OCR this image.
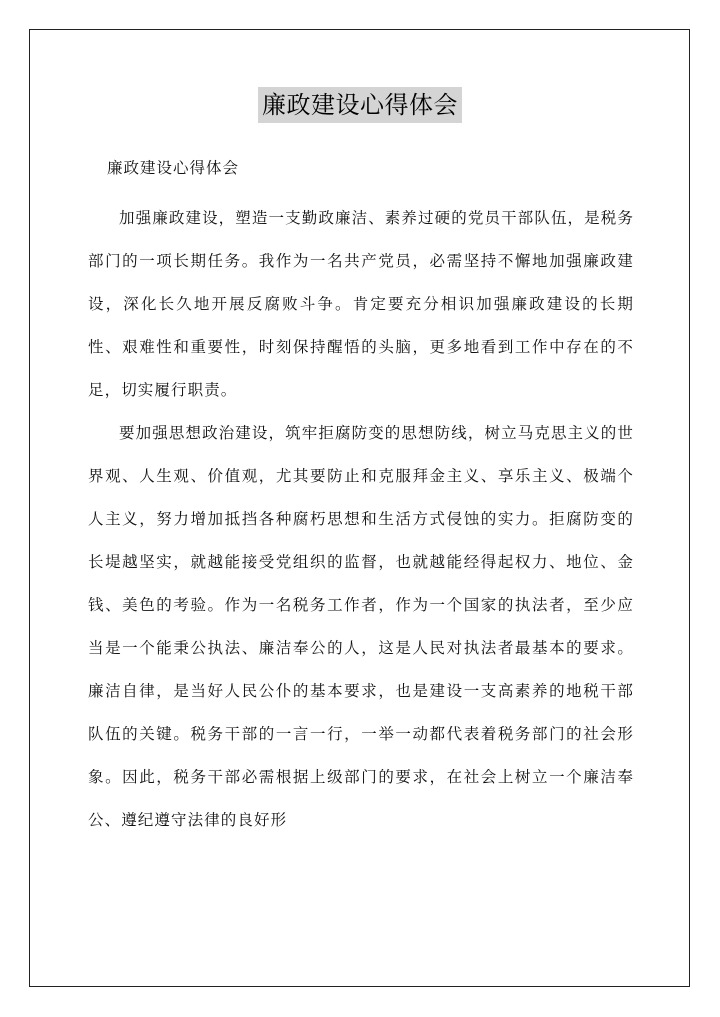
廉政建设心得体会
廉政建设心得体会

加强廉政建设，塑造一支勤政廉洁、素养过硬的党员干部队伍，是税务部门的一项长期任务。我作为一名共产党员，必需坚持不懈地加强廉政建设，深化长久地开展反腐败斗争。肯定要充分相识加强廉政建设的长期性、艰难性和重要性，时刻保持醒悟的头脑，更多地看到工作中存在的不足，切实履行职责。

要加强思想政治建设，筑牢拒腐防变的思想防线，树立马克思主义的世界观、人生观、价值观，尤其要防止和克服拜金主义、享乐主义、极端个人主义，努力增加抵挡各种腐朽思想和生活方式侵蚀的实力。拒腐防变的长堤越坚实，就越能接受党组织的监督，也就越能经得起权力、地位、金钱、美色的考验。作为一名税务工作者，作为一个国家的执法者，至少应当是一个能秉公执法、廉洁奉公的人，这是人民对执法者最基本的要求。廉洁自律，是当好人民公仆的基本要求，也是建设一支高素养的地税干部队伍的关键。税务干部的一言一行，一举一动都代表着税务部门的社会形象。因此，税务干部必需根据上级部门的要求，在社会上树立一个廉洁奉公、遵纪遵守法律的良好形
